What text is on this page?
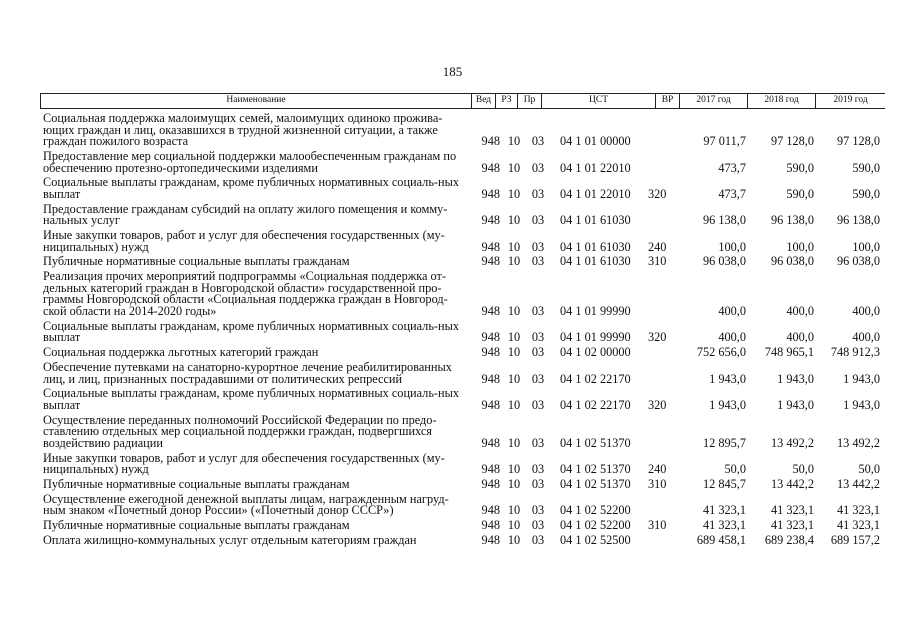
185
Наименование	Вед	РЗ	Пр	ЦСТ	ВР	2017 год	2018 год	2019 год
Социальная поддержка малоимущих семей, малоимущих одиноко прожива-ющих граждан и лиц, оказавшихся в трудной жизненной ситуации, а также граждан пожилого возраста	948 10 03	04 1 01 00000	97 011,7	97 128,0	97 128,0
Предоставление мер социальной поддержки малообеспеченным гражданам по обеспечению протезно-ортопедическими изделиями	948 10 03	04 1 01 22010	473,7	590,0	590,0
Социальные выплаты гражданам, кроме публичных нормативных социаль-ных выплат	948 10 03	04 1 01 22010	320	473,7	590,0	590,0
Предоставление гражданам субсидий на оплату жилого помещения и комму-нальных услуг	948 10 03	04 1 01 61030	96 138,0	96 138,0	96 138,0
Иные закупки товаров, работ и услуг для обеспечения государственных (му-ниципальных) нужд	948 10 03	04 1 01 61030	240	100,0	100,0	100,0
Публичные нормативные социальные выплаты гражданам	948 10 03	04 1 01 61030	310	96 038,0	96 038,0	96 038,0
Реализация прочих мероприятий подпрограммы «Социальная поддержка от-дельных категорий граждан в Новгородской области» государственной про-граммы Новгородской области «Социальная поддержка граждан в Новгород-ской области на 2014-2020 годы»	948 10 03	04 1 01 99990	400,0	400,0	400,0
Социальные выплаты гражданам, кроме публичных нормативных социаль-ных выплат	948 10 03	04 1 01 99990	320	400,0	400,0	400,0
Социальная поддержка льготных категорий граждан	948 10 03	04 1 02 00000	752 656,0	748 965,1	748 912,3
Обеспечение путевками на санаторно-курортное лечение реабилитированных лиц, и лиц, признанных пострадавшими от политических репрессий	948 10 03	04 1 02 22170	1 943,0	1 943,0	1 943,0
Социальные выплаты гражданам, кроме публичных нормативных социаль-ных выплат	948 10 03	04 1 02 22170	320	1 943,0	1 943,0	1 943,0
Осуществление переданных полномочий Российской Федерации по предо-ставлению отдельных мер социальной поддержки граждан, подвергшихся воздействию радиации	948 10 03	04 1 02 51370	12 895,7	13 492,2	13 492,2
Иные закупки товаров, работ и услуг для обеспечения государственных (му-ниципальных) нужд	948 10 03	04 1 02 51370	240	50,0	50,0	50,0
Публичные нормативные социальные выплаты гражданам	948 10 03	04 1 02 51370	310	12 845,7	13 442,2	13 442,2
Осуществление ежегодной денежной выплаты лицам, награжденным нагруд-ным знаком «Почетный донор России» («Почетный донор СССР»)	948 10 03	04 1 02 52200	41 323,1	41 323,1	41 323,1
Публичные нормативные социальные выплаты гражданам	948 10 03	04 1 02 52200	310	41 323,1	41 323,1	41 323,1
Оплата жилищно-коммунальных услуг отдельным категориям граждан	948 10 03	04 1 02 52500	689 458,1	689 238,4	689 157,2
